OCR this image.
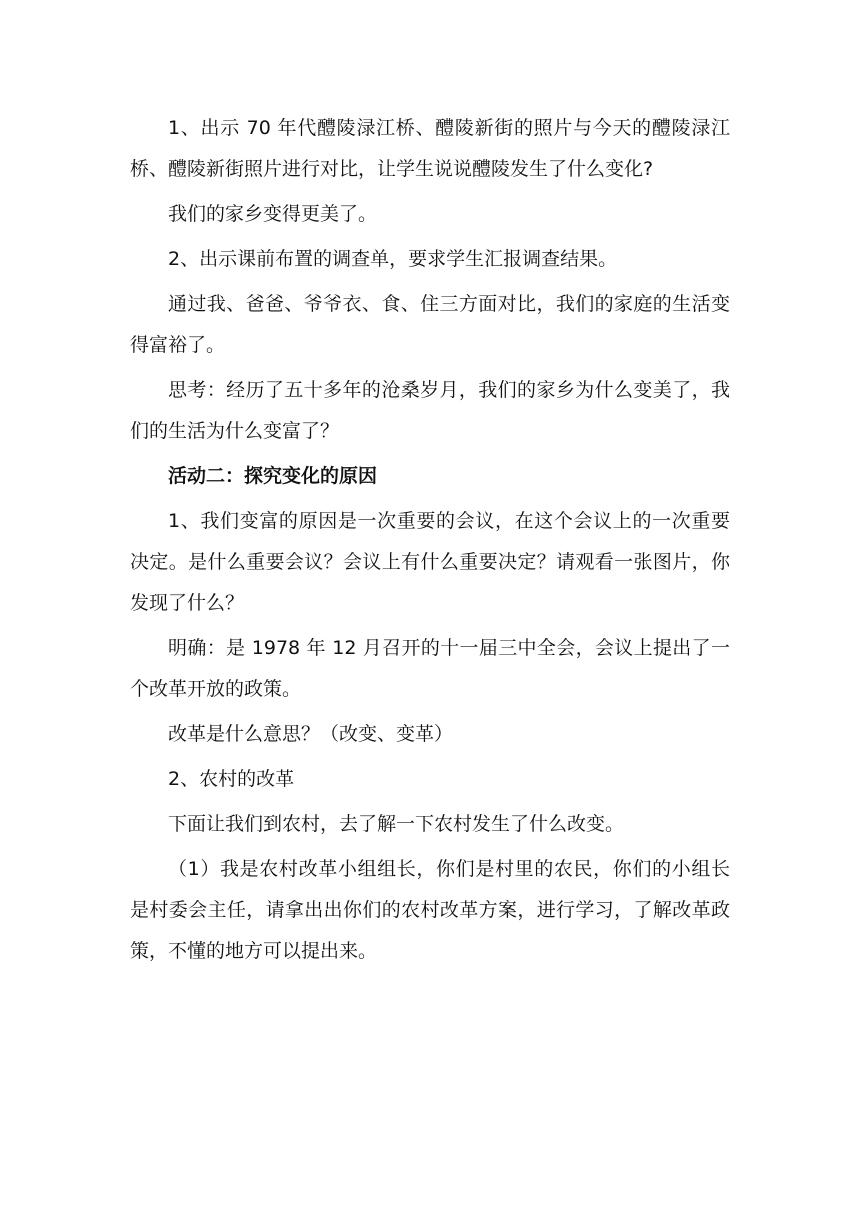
1、出示 70 年代醴陵渌江桥、醴陵新街的照片与今天的醴陵渌江桥、醴陵新街照片进行对比，让学生说说醴陵发生了什么变化?

我们的家乡变得更美了。

2、出示课前布置的调查单，要求学生汇报调查结果。

通过我、爸爸、爷爷衣、食、住三方面对比，我们的家庭的生活变得富裕了。

思考：经历了五十多年的沧桑岁月，我们的家乡为什么变美了，我们的生活为什么变富了？

活动二：探究变化的原因

1、我们变富的原因是一次重要的会议，在这个会议上的一次重要决定。是什么重要会议？会议上有什么重要决定？请观看一张图片，你发现了什么？

明确：是 1978 年 12 月召开的十一届三中全会，会议上提出了一个改革开放的政策。

改革是什么意思？（改变、变革）

2、农村的改革

下面让我们到农村，去了解一下农村发生了什么改变。

（1）我是农村改革小组组长，你们是村里的农民，你们的小组长是村委会主任，请拿出出你们的农村改革方案，进行学习，了解改革政策，不懂的地方可以提出来。
